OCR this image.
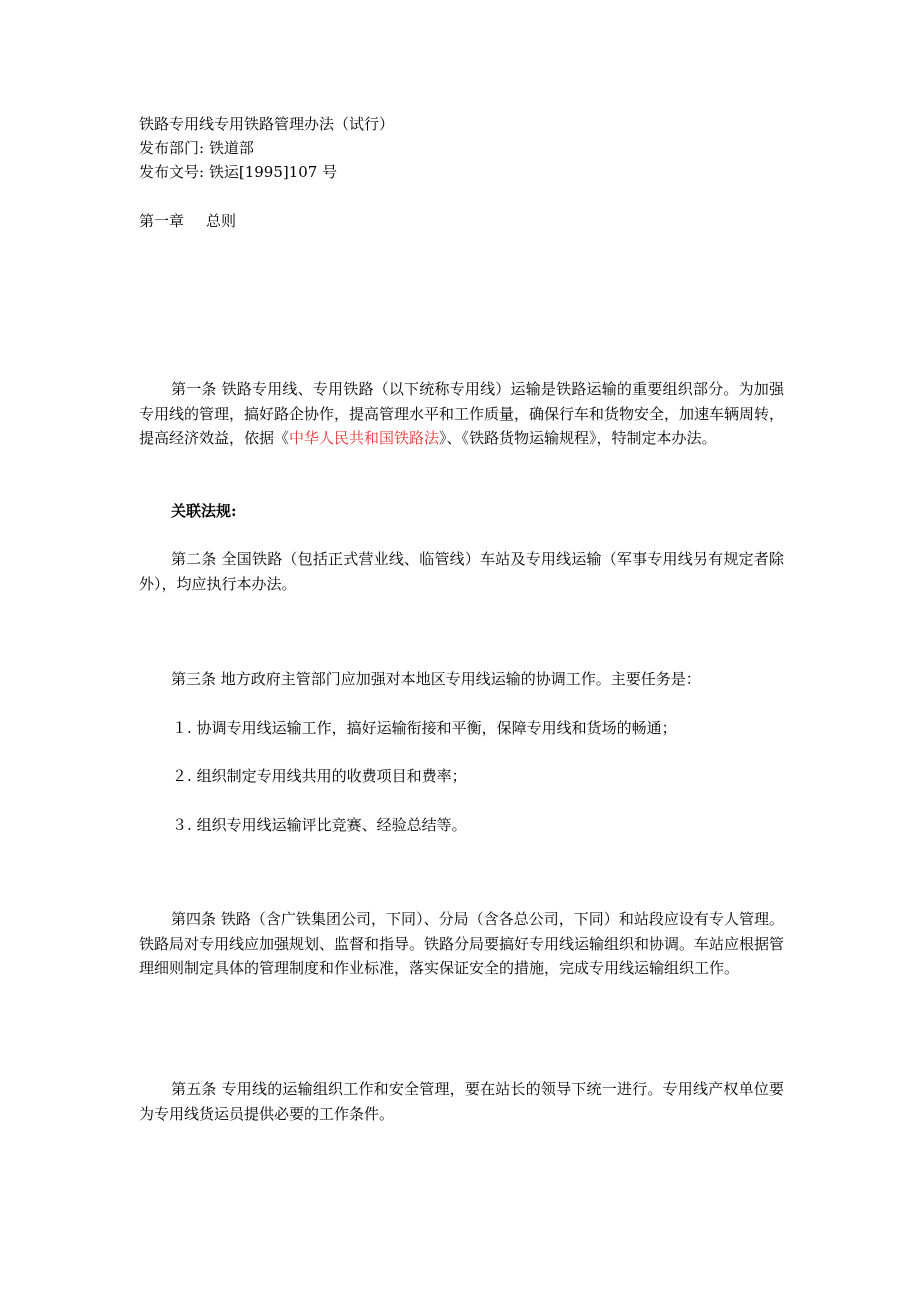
铁路专用线专用铁路管理办法（试行）
发布部门: 铁道部
发布文号: 铁运[1995]107 号
第一章 总则
第一条 铁路专用线、专用铁路（以下统称专用线）运输是铁路运输的重要组织部分。为加强专用线的管理，搞好路企协作，提高管理水平和工作质量，确保行车和货物安全，加速车辆周转，提高经济效益，依据《中华人民共和国铁路法》、《铁路货物运输规程》，特制定本办法。
关联法规:
第二条 全国铁路（包括正式营业线、临管线）车站及专用线运输（军事专用线另有规定者除外），均应执行本办法。
第三条 地方政府主管部门应加强对本地区专用线运输的协调工作。主要任务是：
１. 协调专用线运输工作，搞好运输衔接和平衡，保障专用线和货场的畅通；
２. 组织制定专用线共用的收费项目和费率；
３. 组织专用线运输评比竞赛、经验总结等。
第四条 铁路（含广铁集团公司，下同）、分局（含各总公司，下同）和站段应设有专人管理。铁路局对专用线应加强规划、监督和指导。铁路分局要搞好专用线运输组织和协调。车站应根据管理细则制定具体的管理制度和作业标准，落实保证安全的措施，完成专用线运输组织工作。
第五条 专用线的运输组织工作和安全管理，要在站长的领导下统一进行。专用线产权单位要为专用线货运员提供必要的工作条件。
